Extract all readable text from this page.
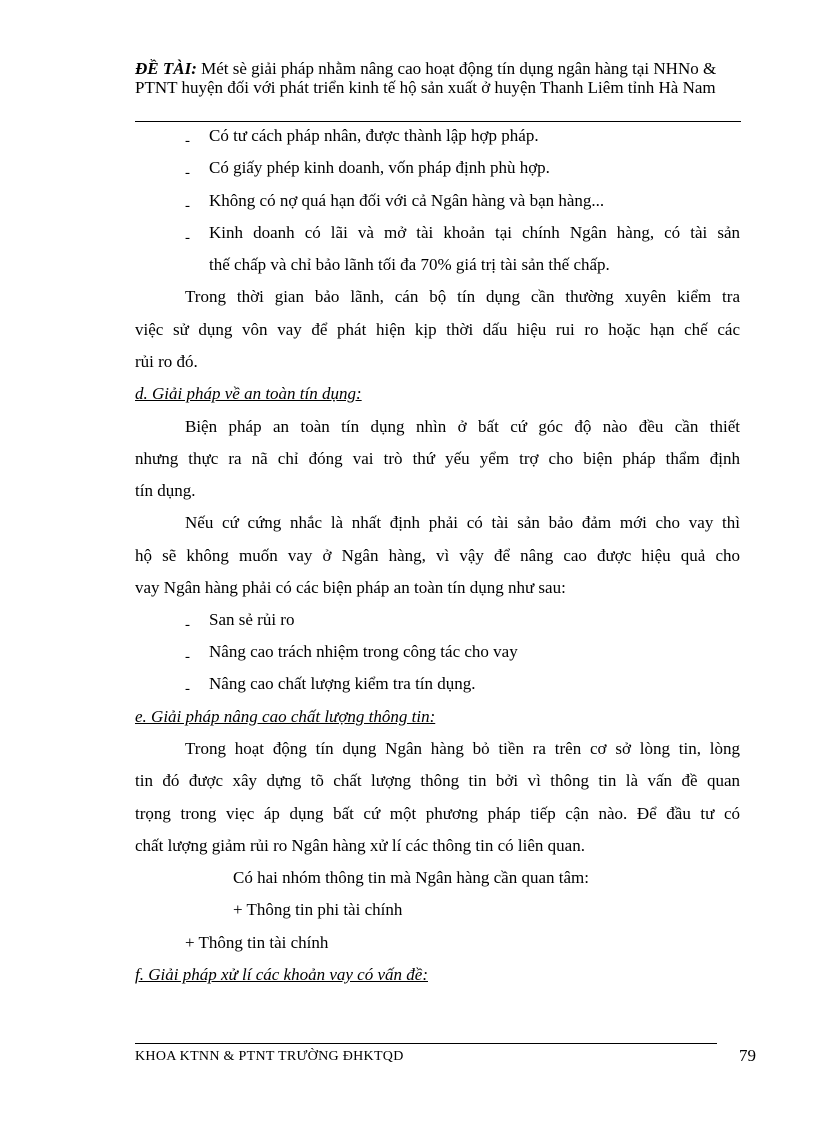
ĐỀ TÀI: Mét sè giải pháp nhằm nâng cao hoạt động tín dụng ngân hàng tại NHNo & PTNT huyện đối với phát triển kinh tế hộ sản xuất ở huyện Thanh Liêm tỉnh Hà Nam
- Có tư cách pháp nhân, được thành lập hợp pháp.
- Có giấy phép kinh doanh, vốn pháp định phù hợp.
- Không có nợ quá hạn đối với cả Ngân hàng và bạn hàng...
- Kinh doanh có lãi và mở tài khoản tại chính Ngân hàng, có tài sản
thế chấp và chỉ bảo lãnh tối đa 70% giá trị tài sản thế chấp.
Trong thời gian bảo lãnh, cán bộ tín dụng cần thường xuyên kiểm tra
việc sử dụng vôn vay để phát hiện kịp thời dấu hiệu rui ro hoặc hạn chế các
rủi ro đó.
d. Giải pháp về an toàn tín dụng:
Biện pháp an toàn tín dụng nhìn ở bất cứ góc độ nào đều cần thiết
nhưng thực ra nã chỉ đóng vai trò thứ yếu yểm trợ cho biện pháp thẩm định
tín dụng.
Nếu cứ cứng nhắc là nhất định phải có tài sản bảo đảm mới cho vay thì
hộ sẽ không muốn vay ở Ngân hàng, vì vậy để nâng cao được hiệu quả cho
vay Ngân hàng phải có các biện pháp an toàn tín dụng như sau:
- San sẻ rủi ro
- Nâng cao trách nhiệm trong công tác cho vay
- Nâng cao chất lượng kiểm tra tín dụng.
e. Giải pháp nâng cao chất lượng thông tin:
Trong hoạt động tín dụng Ngân hàng bỏ tiền ra trên cơ sở lòng tin, lòng
tin đó được xây dựng tõ chất lượng thông tin bởi vì thông tin là vấn đề quan
trọng trong viẹc áp dụng bất cứ một phương pháp tiếp cận nào. Để đầu tư có
chất lượng giảm rủi ro Ngân hàng xử lí các thông tin có liên quan.
Có hai nhóm thông tin mà Ngân hàng cần quan tâm:
+ Thông tin phi tài chính
+ Thông tin tài chính
f. Giải pháp xử lí các khoản vay có vấn đề:
KHOA KTNN & PTNT TRƯỜNG ĐHKTQD	79
